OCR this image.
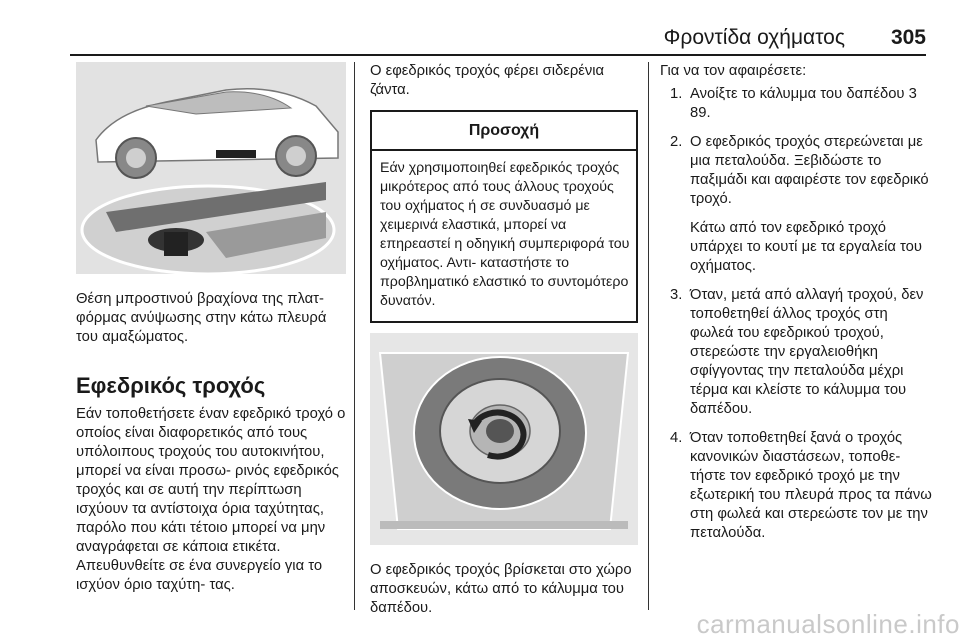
Φροντίδα οχήματος 305

Θέση μπροστινού βραχίονα της πλατ- φόρμας ανύψωσης στην κάτω πλευρά του αμαξώματος.

Εφεδρικός τροχός

Εάν τοποθετήσετε έναν εφεδρικό τροχό ο οποίος είναι διαφορετικός από τους υπόλοιπους τροχούς του αυτοκινήτου, μπορεί να είναι προσω- ρινός εφεδρικός τροχός και σε αυτή την περίπτωση ισχύουν τα αντίστοιχα όρια ταχύτητας, παρόλο που κάτι τέτοιο μπορεί να μην αναγράφεται σε κάποια ετικέτα. Απευθυνθείτε σε ένα συνεργείο για το ισχύον όριο ταχύτη- τας.

Ο εφεδρικός τροχός φέρει σιδερένια ζάντα.

Προσοχή

Εάν χρησιμοποιηθεί εφεδρικός τροχός μικρότερος από τους άλλους τροχούς του οχήματος ή σε συνδυασμό με χειμερινά ελαστικά, μπορεί να επηρεαστεί η οδηγική συμπεριφορά του οχήματος. Αντι- καταστήστε το προβληματικό ελαστικό το συντομότερο δυνατόν.

Ο εφεδρικός τροχός βρίσκεται στο χώρο αποσκευών, κάτω από το κάλυμμα του δαπέδου.

Για να τον αφαιρέσετε:

1. Ανοίξτε το κάλυμμα του δαπέδου 3 89.

2. Ο εφεδρικός τροχός στερεώνεται με μια πεταλούδα. Ξεβιδώστε το παξιμάδι και αφαιρέστε τον εφεδρικό τροχό.

Κάτω από τον εφεδρικό τροχό υπάρχει το κουτί με τα εργαλεία του οχήματος.

3. Όταν, μετά από αλλαγή τροχού, δεν τοποθετηθεί άλλος τροχός στη φωλεά του εφεδρικού τροχού, στερεώστε την εργαλειοθήκη σφίγγοντας την πεταλούδα μέχρι τέρμα και κλείστε το κάλυμμα του δαπέδου.

4. Όταν τοποθετηθεί ξανά ο τροχός κανονικών διαστάσεων, τοποθε- τήστε τον εφεδρικό τροχό με την εξωτερική του πλευρά προς τα πάνω στη φωλεά και στερεώστε τον με την πεταλούδα.

carmanualsonline.info
